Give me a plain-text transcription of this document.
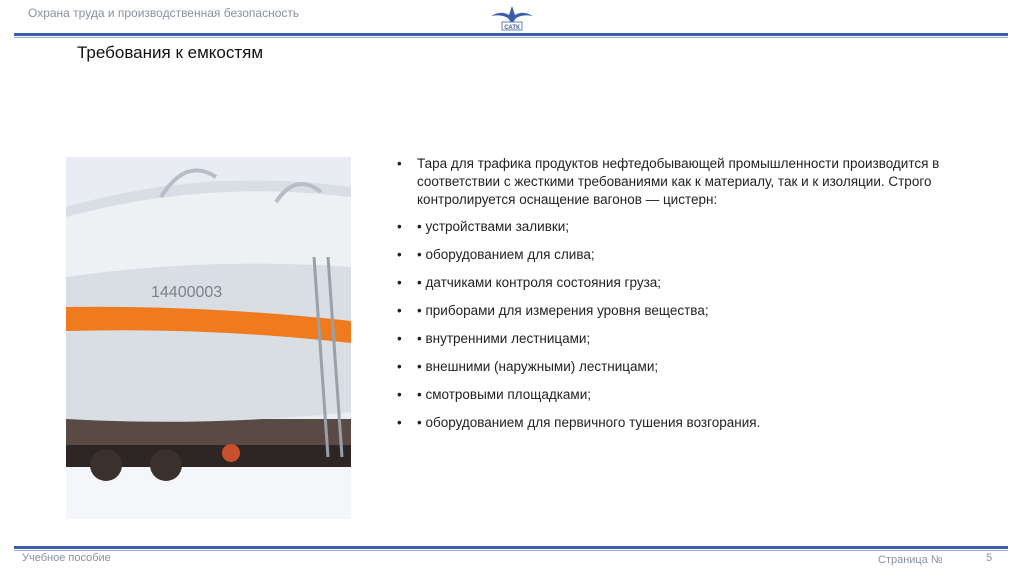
Охрана труда и производственная безопасность
САТК
Требования к емкостям
14400003
•	Тара для трафика продуктов нефтедобывающей промышленности производится в соответствии с жесткими требованиями как к материалу, так и к изоляции. Строго контролируется оснащение вагонов — цистерн:
•	• устройствами заливки;
•	• оборудованием для слива;
•	• датчиками контроля состояния груза;
•	• приборами для измерения уровня вещества;
•	• внутренними лестницами;
•	• внешними (наружными) лестницами;
•	• смотровыми площадками;
•	• оборудованием для первичного тушения возгорания.
Учебное пособие	Страница №	5
